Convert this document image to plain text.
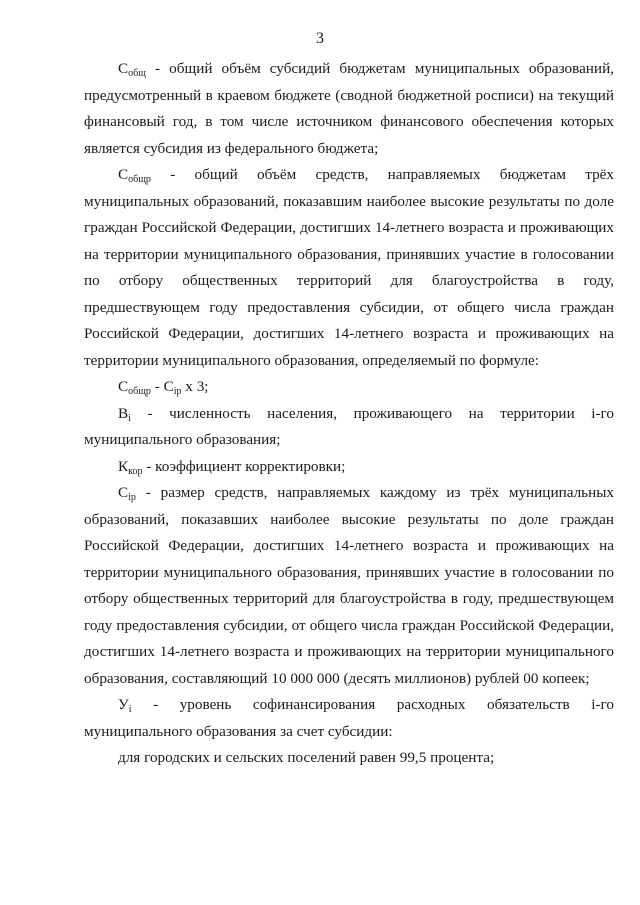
3

$С_{общ}$ - общий объём субсидий бюджетам муниципальных образований, предусмотренный в краевом бюджете (сводной бюджетной росписи) на текущий финансовый год, в том числе источником финансового обеспечения которых является субсидия из федерального бюджета;

$С_{общр}$ - общий объём средств, направляемых бюджетам трёх муниципальных образований, показавшим наиболее высокие результаты по доле граждан Российской Федерации, достигших 14-летнего возраста и проживающих на территории муниципального образования, принявших участие в голосовании по отбору общественных территорий для благоустройства в году, предшествующем году предоставления субсидии, от общего числа граждан Российской Федерации, достигших 14-летнего возраста и проживающих на территории муниципального образования, определяемый по формуле:

$С_{общр} - С_{ip}$ x 3;

$В_i$ - численность населения, проживающего на территории i-го муниципального образования;

$К_{кор}$ - коэффициент корректировки;

$С_{ip}$ - размер средств, направляемых каждому из трёх муниципальных образований, показавших наиболее высокие результаты по доле граждан Российской Федерации, достигших 14-летнего возраста и проживающих на территории муниципального образования, принявших участие в голосовании по отбору общественных территорий для благоустройства в году, предшествующем году предоставления субсидии, от общего числа граждан Российской Федерации, достигших 14-летнего возраста и проживающих на территории муниципального образования, составляющий 10 000 000 (десять миллионов) рублей 00 копеек;

$У_i$ - уровень софинансирования расходных обязательств i-го муниципального образования за счет субсидии:

для городских и сельских поселений равен 99,5 процента;
